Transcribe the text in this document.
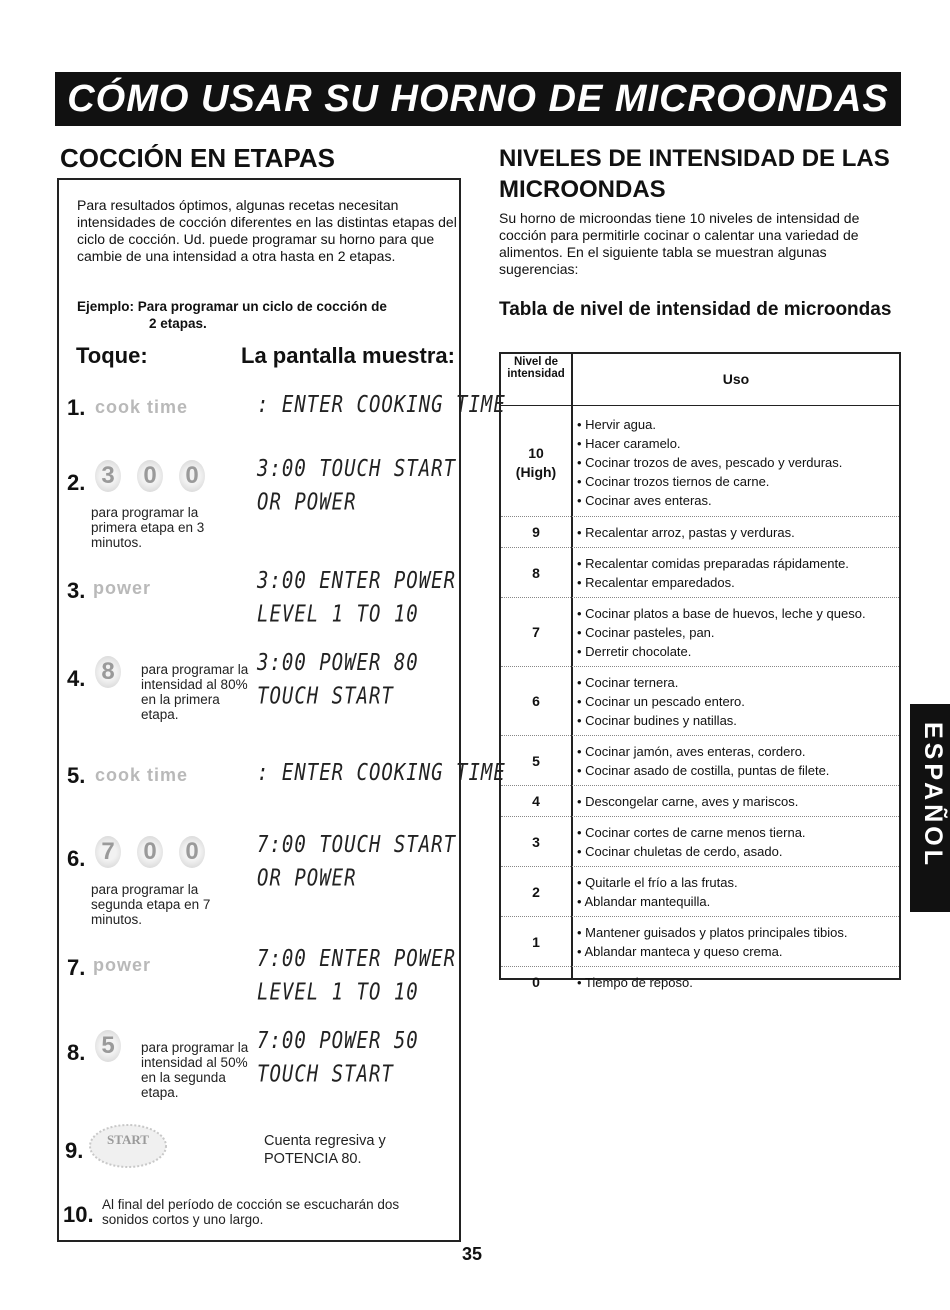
CÓMO USAR SU HORNO DE MICROONDAS
COCCIÓN EN ETAPAS
Para resultados óptimos, algunas recetas necesitan intensidades de cocción diferentes en las distintas etapas del ciclo de cocción. Ud. puede programar su horno para que cambie de una intensidad a otra hasta en 2 etapas.
Ejemplo: Para programar un ciclo de cocción de
2 etapas.
Toque:	La pantalla muestra:
1. cook time	: ENTER COOKING TIME
2. 3 0 0
para programar la primera etapa en 3 minutos.
3:00 TOUCH START
OR POWER
3. power	3:00 ENTER POWER
LEVEL 1 TO 10
4. 8	para programar la intensidad al 80% en la primera etapa.
3:00 POWER 80
TOUCH START
5. cook time	: ENTER COOKING TIME
6. 7 0 0
para programar la segunda etapa en 7 minutos.
7:00 TOUCH START
OR POWER
7. power	7:00 ENTER POWER
LEVEL 1 TO 10
8. 5	para programar la intensidad al 50% en la segunda etapa.
7:00 POWER 50
TOUCH START
9. START	Cuenta regresiva y POTENCIA 80.
10. Al final del período de cocción se escucharán dos sonidos cortos y uno largo.
NIVELES DE INTENSIDAD DE LAS MICROONDAS
Su horno de microondas tiene 10 niveles de intensidad de cocción para permitirle cocinar o calentar una variedad de alimentos. En el siguiente tabla se muestran algunas sugerencias:
Tabla de nivel de intensidad de microondas
Nivel de intensidad	Uso
10
(High)
• Hervir agua.
• Hacer caramelo.
• Cocinar trozos de aves, pescado y verduras.
• Cocinar trozos tiernos de carne.
• Cocinar aves enteras.
9	• Recalentar arroz, pastas y verduras.
8
• Recalentar comidas preparadas rápidamente.
• Recalentar emparedados.
7
• Cocinar platos a base de huevos, leche y queso.
• Cocinar pasteles, pan.
• Derretir chocolate.
6
• Cocinar ternera.
• Cocinar un pescado entero.
• Cocinar budines y natillas.
5
• Cocinar jamón, aves enteras, cordero.
• Cocinar asado de costilla, puntas de filete.
4	• Descongelar carne, aves y mariscos.
3
• Cocinar cortes de carne menos tierna.
• Cocinar chuletas de cerdo, asado.
2
• Quitarle el frío a las frutas.
• Ablandar mantequilla.
1
• Mantener guisados y platos principales tibios.
• Ablandar manteca y queso crema.
0	• Tiempo de reposo.
35
ESPAÑOL
